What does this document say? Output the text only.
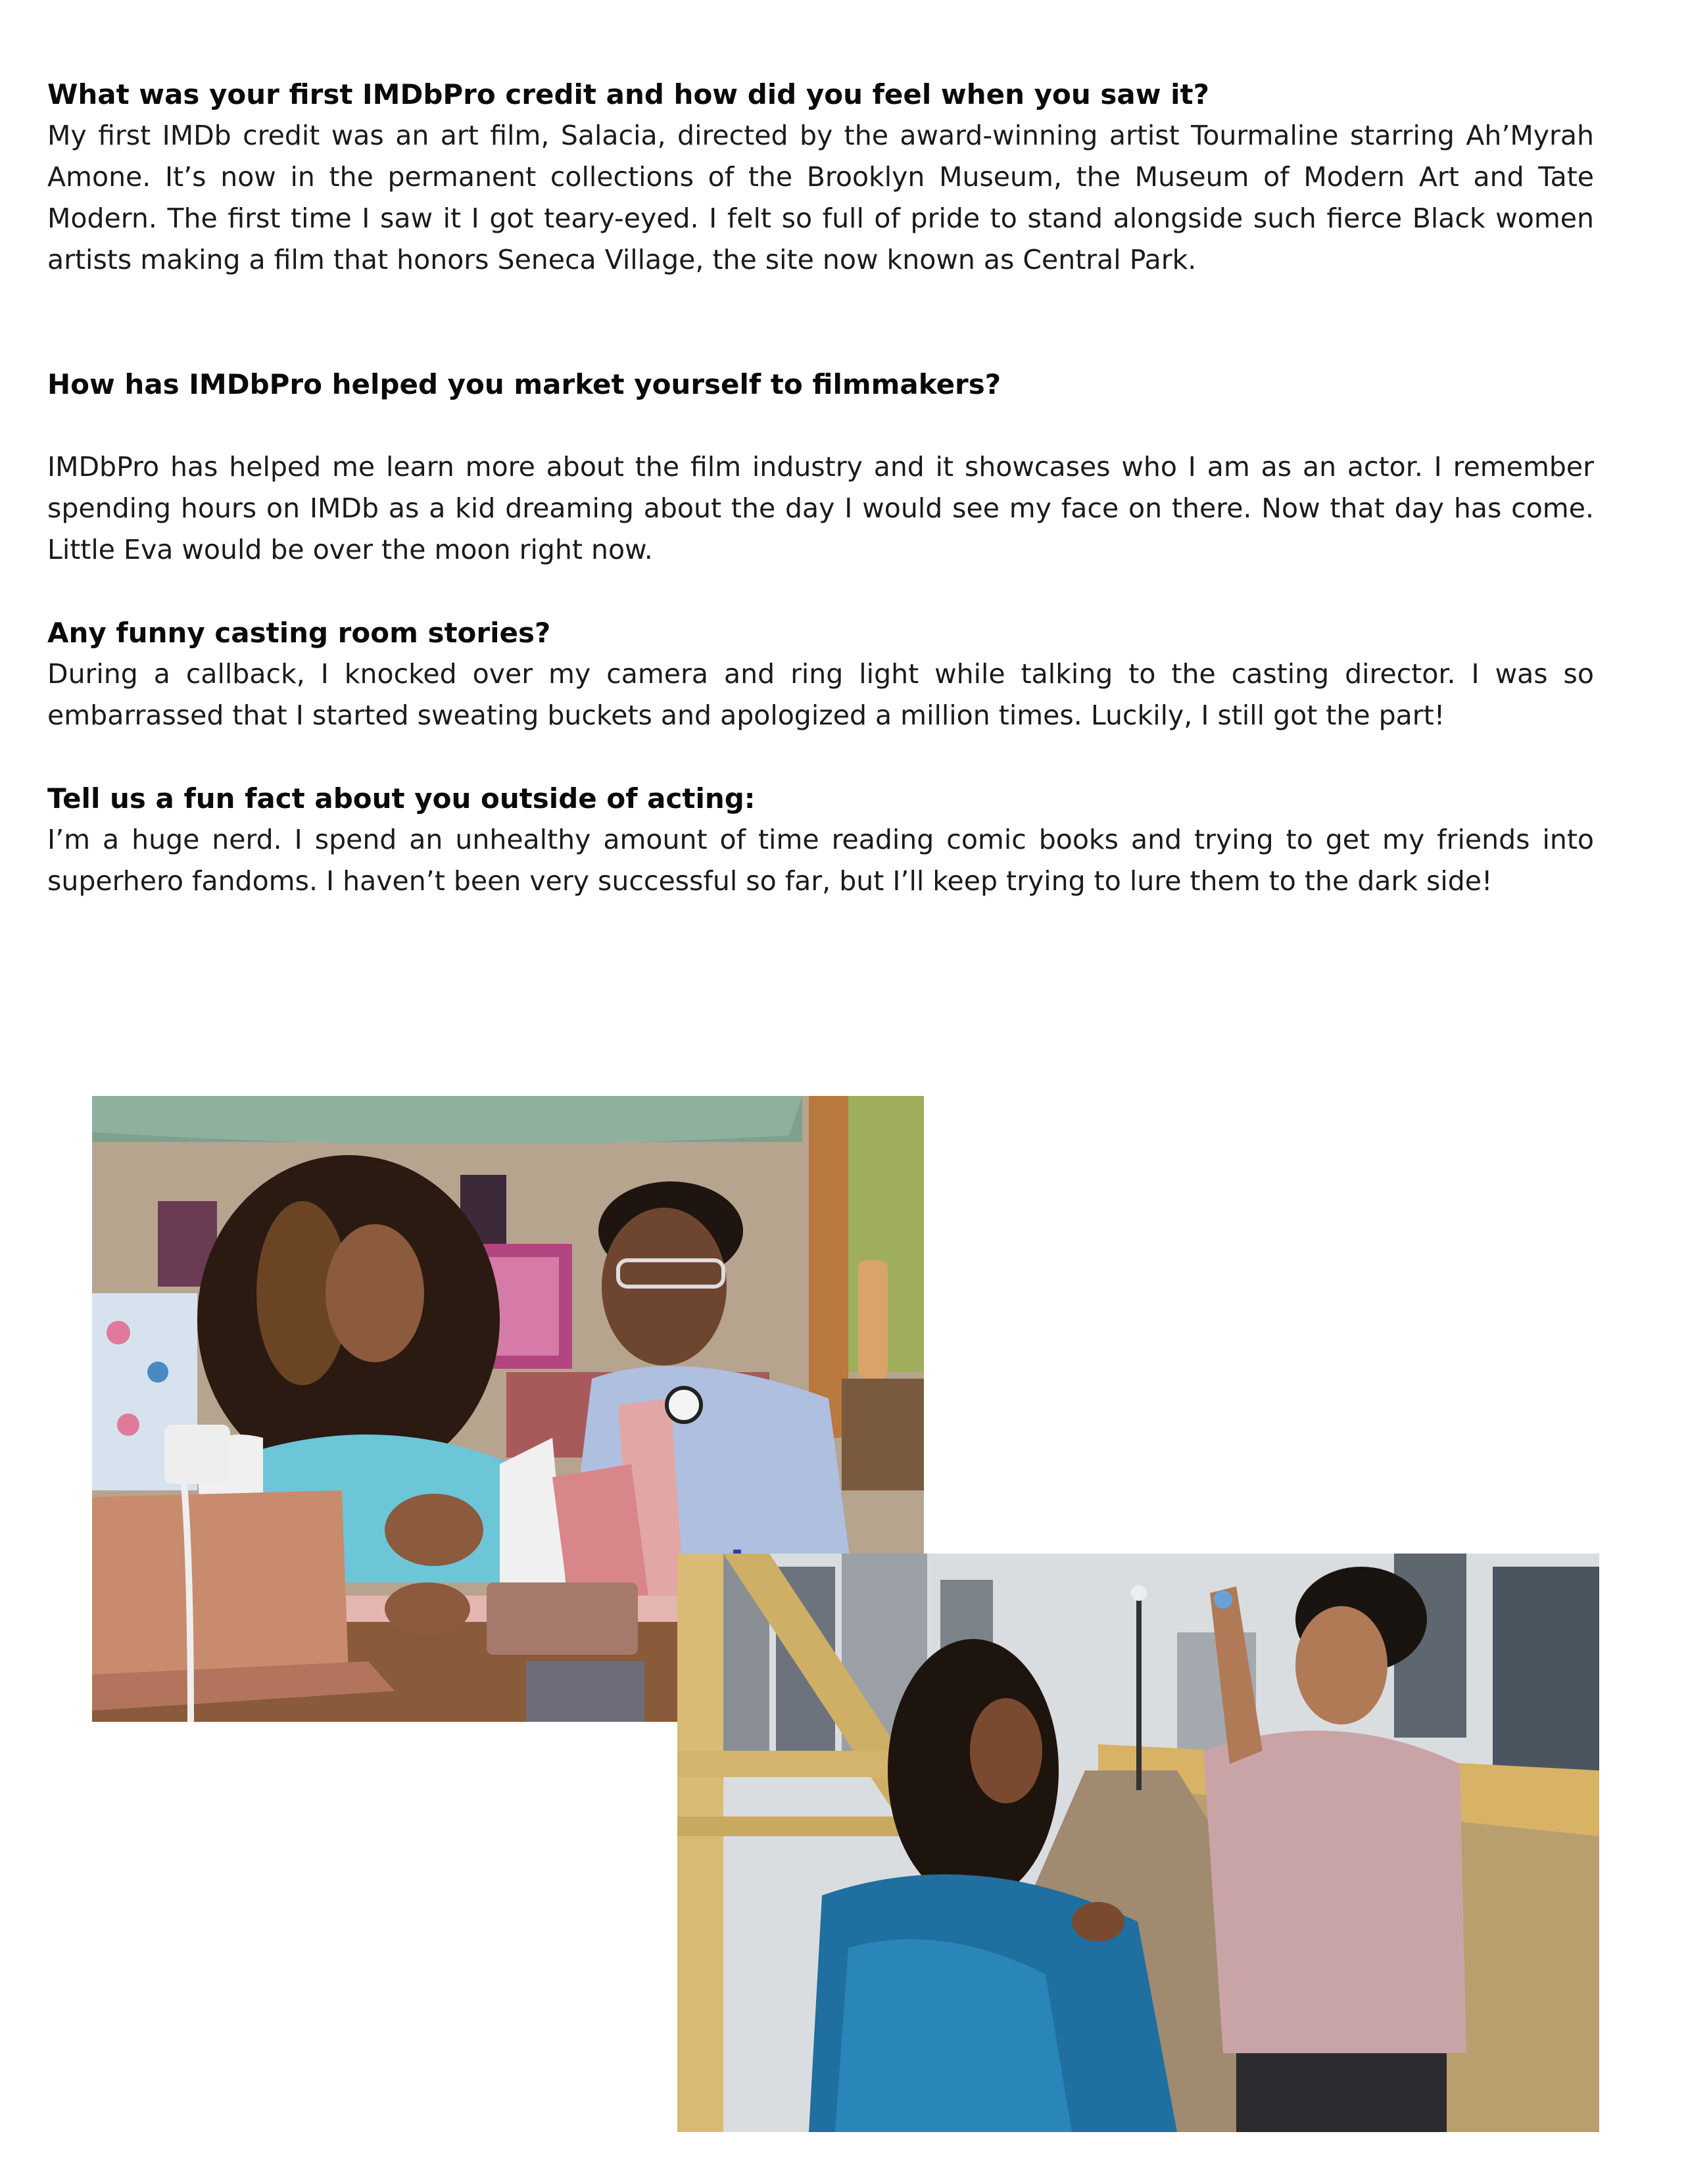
What was your first IMDbPro credit and how did you feel when you saw it?

My first IMDb credit was an art film, Salacia, directed by the award-winning artist Tourmaline starring Ah’Myrah Amone. It’s now in the permanent collections of the Brooklyn Museum, the Museum of Modern Art and Tate Modern. The first time I saw it I got teary-eyed. I felt so full of pride to stand alongside such fierce Black women artists making a film that honors Seneca Village, the site now known as Central Park.

How has IMDbPro helped you market yourself to filmmakers?

IMDbPro has helped me learn more about the film industry and it showcases who I am as an actor. I remember spending hours on IMDb as a kid dreaming about the day I would see my face on there. Now that day has come. Little Eva would be over the moon right now.

Any funny casting room stories?

During a callback, I knocked over my camera and ring light while talking to the casting director. I was so embarrassed that I started sweating buckets and apologized a million times. Luckily, I still got the part!

Tell us a fun fact about you outside of acting:

I’m a huge nerd. I spend an unhealthy amount of time reading comic books and trying to get my friends into superhero fandoms. I haven’t been very successful so far, but I’ll keep trying to lure them to the dark side!
